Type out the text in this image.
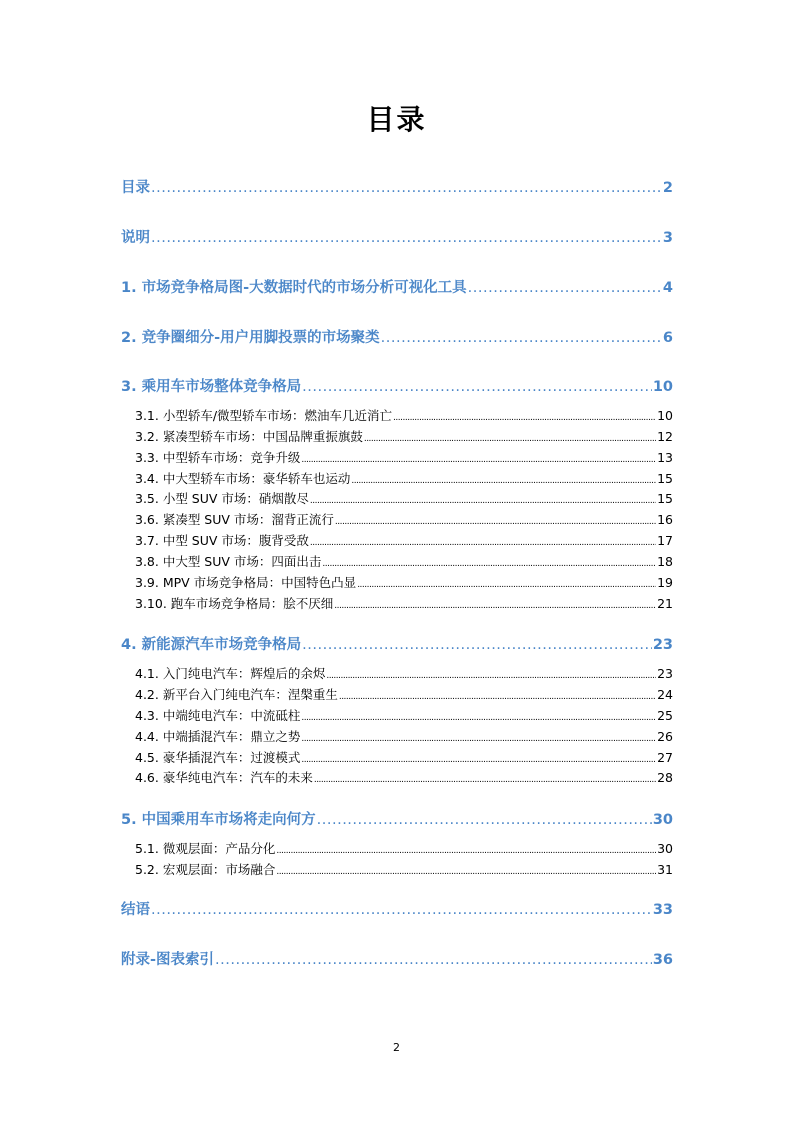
目录
目录 .....	2
说明 .....	3
1. 市场竞争格局图-大数据时代的市场分析可视化工具 .....	4
2. 竞争圈细分-用户用脚投票的市场聚类 .....	6
3. 乘用车市场整体竞争格局 .....	10
3.1. 小型轿车/微型轿车市场：燃油车几近消亡 .....	10
3.2. 紧凑型轿车市场：中国品牌重振旗鼓 .....	12
3.3. 中型轿车市场：竞争升级 .....	13
3.4. 中大型轿车市场：豪华轿车也运动 .....	15
3.5. 小型 SUV 市场：硝烟散尽 .....	15
3.6. 紧凑型 SUV 市场：溜背正流行 .....	16
3.7. 中型 SUV 市场：腹背受敌 .....	17
3.8. 中大型 SUV 市场：四面出击 .....	18
3.9. MPV 市场竞争格局：中国特色凸显 .....	19
3.10. 跑车市场竞争格局：脍不厌细 .....	21
4. 新能源汽车市场竞争格局 .....	23
4.1. 入门纯电汽车：辉煌后的余烬 .....	23
4.2. 新平台入门纯电汽车：涅槃重生 .....	24
4.3. 中端纯电汽车：中流砥柱 .....	25
4.4. 中端插混汽车：鼎立之势 .....	26
4.5. 豪华插混汽车：过渡模式 .....	27
4.6. 豪华纯电汽车：汽车的未来 .....	28
5. 中国乘用车市场将走向何方 .....	30
5.1. 微观层面：产品分化 .....	30
5.2. 宏观层面：市场融合 .....	31
结语 .....	33
附录-图表索引 .....	36
2
